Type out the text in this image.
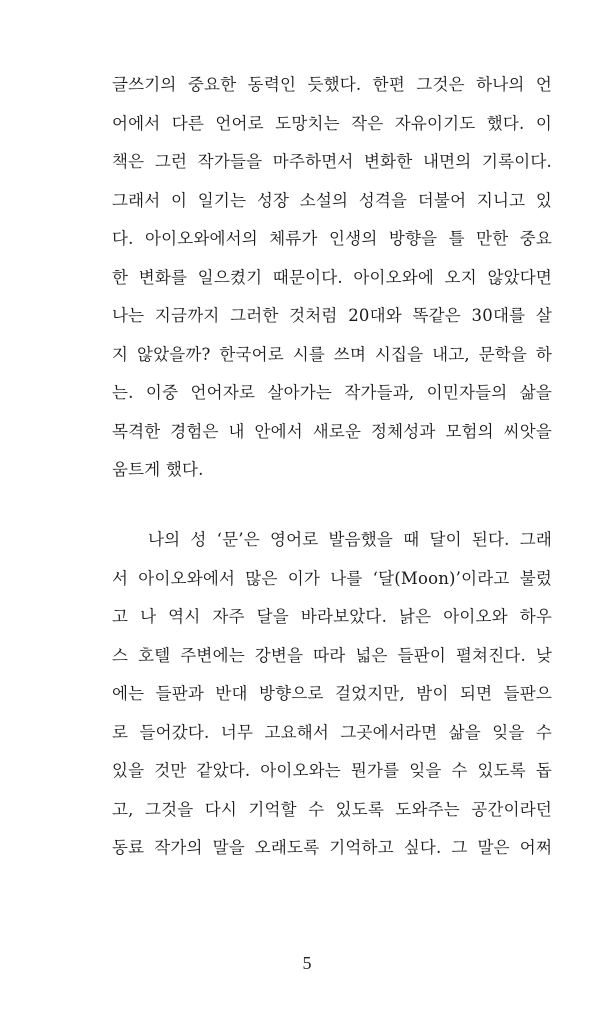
글쓰기의 중요한 동력인 듯했다. 한편 그것은 하나의 언
어에서 다른 언어로 도망치는 작은 자유이기도 했다. 이
책은 그런 작가들을 마주하면서 변화한 내면의 기록이다.
그래서 이 일기는 성장 소설의 성격을 더불어 지니고 있
다. 아이오와에서의 체류가 인생의 방향을 틀 만한 중요
한 변화를 일으켰기 때문이다. 아이오와에 오지 않았다면
나는 지금까지 그러한 것처럼 20대와 똑같은 30대를 살
지 않았을까? 한국어로 시를 쓰며 시집을 내고, 문학을 하
는. 이중 언어자로 살아가는 작가들과, 이민자들의 삶을
목격한 경험은 내 안에서 새로운 정체성과 모험의 씨앗을
움트게 했다.
나의 성 ‘문’은 영어로 발음했을 때 달이 된다. 그래
서 아이오와에서 많은 이가 나를 ‘달(Moon)’이라고 불렀
고 나 역시 자주 달을 바라보았다. 낡은 아이오와 하우
스 호텔 주변에는 강변을 따라 넓은 들판이 펼쳐진다. 낮
에는 들판과 반대 방향으로 걸었지만, 밤이 되면 들판으
로 들어갔다. 너무 고요해서 그곳에서라면 삶을 잊을 수
있을 것만 같았다. 아이오와는 뭔가를 잊을 수 있도록 돕
고, 그것을 다시 기억할 수 있도록 도와주는 공간이라던
동료 작가의 말을 오래도록 기억하고 싶다. 그 말은 어쩌
5
